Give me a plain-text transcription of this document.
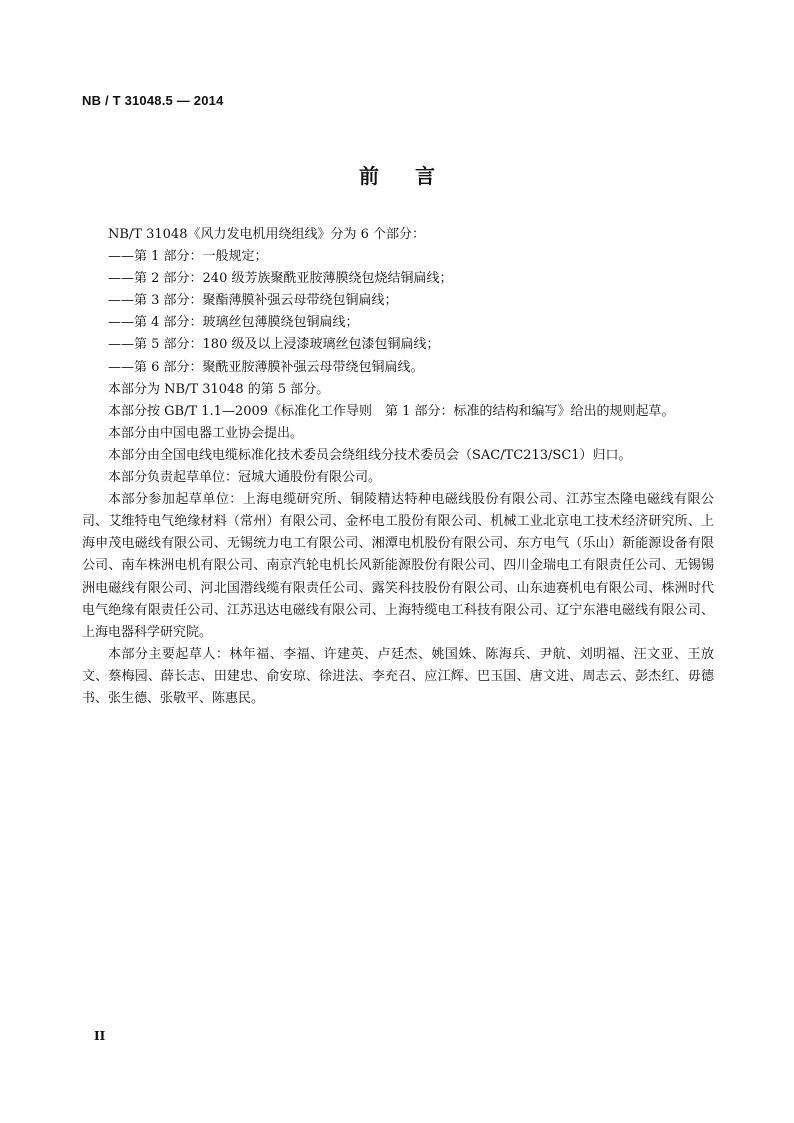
NB / T 31048.5 — 2014
前言

NB/T 31048《风力发电机用绕组线》分为 6 个部分：

——第 1 部分：一般规定；

——第 2 部分：240 级芳族聚酰亚胺薄膜绕包烧结铜扁线；

——第 3 部分：聚酯薄膜补强云母带绕包铜扁线；

——第 4 部分：玻璃丝包薄膜绕包铜扁线；

——第 5 部分：180 级及以上浸漆玻璃丝包漆包铜扁线；

——第 6 部分：聚酰亚胺薄膜补强云母带绕包铜扁线。

本部分为 NB/T 31048 的第 5 部分。

本部分按 GB/T 1.1—2009《标准化工作导则　第 1 部分：标准的结构和编写》给出的规则起草。

本部分由中国电器工业协会提出。

本部分由全国电线电缆标准化技术委员会绕组线分技术委员会（SAC/TC213/SC1）归口。

本部分负责起草单位：冠城大通股份有限公司。

本部分参加起草单位：上海电缆研究所、铜陵精达特种电磁线股份有限公司、江苏宝杰隆电磁线有限公司、艾维特电气绝缘材料（常州）有限公司、金杯电工股份有限公司、机械工业北京电工技术经济研究所、上海申茂电磁线有限公司、无锡统力电工有限公司、湘潭电机股份有限公司、东方电气（乐山）新能源设备有限公司、南车株洲电机有限公司、南京汽轮电机长风新能源股份有限公司、四川金瑞电工有限责任公司、无锡锡洲电磁线有限公司、河北国潜线缆有限责任公司、露笑科技股份有限公司、山东迪赛机电有限公司、株洲时代电气绝缘有限责任公司、江苏迅达电磁线有限公司、上海特缆电工科技有限公司、辽宁东港电磁线有限公司、上海电器科学研究院。

本部分主要起草人：林年福、李福、许建英、卢廷杰、姚国姝、陈海兵、尹航、刘明福、汪文亚、王放文、蔡梅园、薛长志、田建忠、俞安琼、徐进法、李充召、应江辉、巴玉国、唐文进、周志云、彭杰红、毋德书、张生德、张敬平、陈惠民。

II
